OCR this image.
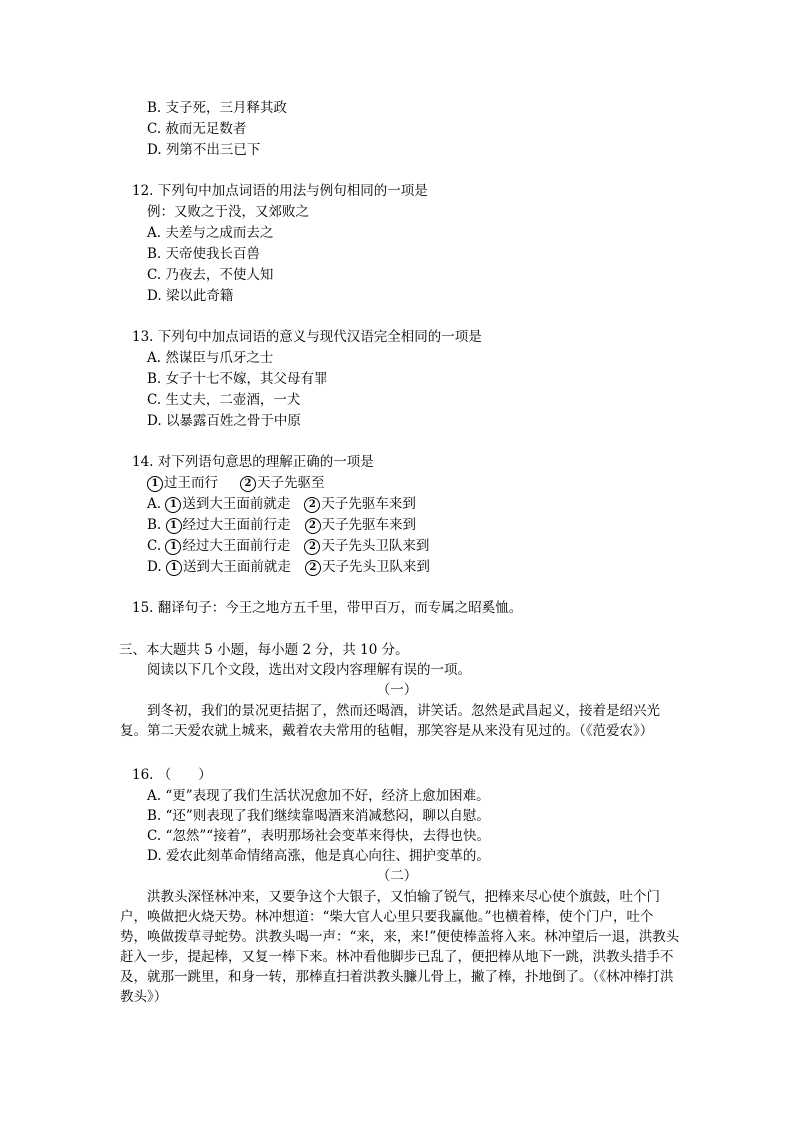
B. 支子死，三月释其政
C. 赦而无足数者
D. 列第不出三已下
12. 下列句中加点词语的用法与例句相同的一项是
例：又败之于没，又郊败之
A. 夫差与之成而去之
B. 天帝使我长百兽
C. 乃夜去，不使人知
D. 梁以此奇籍
13. 下列句中加点词语的意义与现代汉语完全相同的一项是
A. 然谋臣与爪牙之士
B. 女子十七不嫁，其父母有罪
C. 生丈夫，二壶酒，一犬
D. 以暴露百姓之骨于中原
14. 对下列语句意思的理解正确的一项是
1 过王而行	2 天子先驱至
A. 1 送到大王面前就走 2 天子先驱车来到
B. 1 经过大王面前行走 2 天子先驱车来到
C. 1 经过大王面前行走 2 天子先头卫队来到
D. 1 送到大王面前就走 2 天子先头卫队来到
15. 翻译句子：今王之地方五千里，带甲百万，而专属之昭奚恤。
三、本大题共 5 小题，每小题 2 分，共 10 分。
阅读以下几个文段，选出对文段内容理解有误的一项。
（一）
到冬初，我们的景况更拮据了，然而还喝酒，讲笑话。忽然是武昌起义，接着是绍兴光复。第二天爱农就上城来，戴着农夫常用的毡帽，那笑容是从来没有见过的。（《范爱农》）
16. （　　）
A. “更”表现了我们生活状况愈加不好，经济上愈加困难。
B. “还”则表现了我们继续靠喝酒来消减愁闷，聊以自慰。
C. “忽然”“接着”，表明那场社会变革来得快，去得也快。
D. 爱农此刻革命情绪高涨，他是真心向往、拥护变革的。
（二）
洪教头深怪林冲来，又要争这个大银子，又怕输了锐气，把棒来尽心使个旗鼓，吐个门户，唤做把火烧天势。林冲想道：“柴大官人心里只要我赢他。”也横着棒，使个门户，吐个势，唤做拨草寻蛇势。洪教头喝一声：“来，来，来!”便使棒盖将入来。林冲望后一退，洪教头赶入一步，提起棒，又复一棒下来。林冲看他脚步已乱了，便把棒从地下一跳，洪教头措手不及，就那一跳里，和身一转，那棒直扫着洪教头臁儿骨上，撇了棒，扑地倒了。（《林冲棒打洪教头》）
